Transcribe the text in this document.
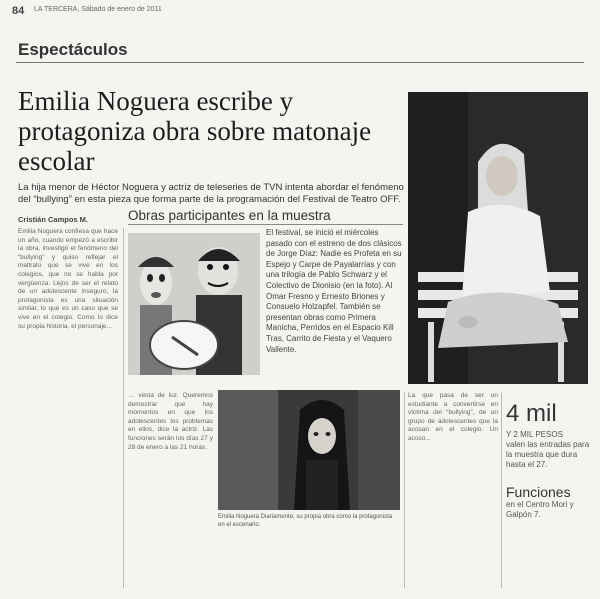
84 LA TERCERA, Sábado de enero de 2011
Espectáculos
Emilia Noguera escribe y protagoniza obra sobre matonaje escolar
La hija menor de Héctor Noguera y actriz de teleseries de TVN intenta abordar el fenómeno del “bullying” en esta pieza que forma parte de la programación del Festival de Teatro OFF.
Cristián Campos M.
Emilia Noguera confiesa que hace un año, cuando empezó a escribir la obra, investigó el fenómeno del “bullying” y quiso reflejar el maltrato que se vive en los colegios, que no se habla por vergüenza. Lejos de ser el relato de un adolescente inseguro, la protagonista es una situación similar, lo que es un caso que se vive en el colegio. Como lo dice su propia historia, el personaje...
Obras participantes en la muestra
El festival, se inició el miércoles pasado con el estreno de dos clásicos de Jorge Díaz: Nadie es Profeta en su Espejo y Carpe de Payalarrías y con una trilogía de Pablo Schwarz y el Colectivo de Dionisio (en la foto). Al Omar Fresno y Ernesto Briones y Consuelo Holzapfel. También se presentan obras como Primera Manicha, Perridos en el Espacio Kill Tras, Carrito de Fiesta y el Vaquero Vallente.
… vesta de luz. Queremos demostrar que hay momentos en que los adolescentes los problemas en ellos, dice la actriz. Las funciones serán los días 27 y 28 de enero a las 21 horas.
Emilia Noguera Diariamente, su propia obra como la protagonista en el escenario.
La que pasa de ser un estudiante a convertirse en víctima del “bullying”, de un grupo de adolescentes que la acosan en el colegio. Un acoso...
4 mil
Y 2 MIL PESOS
valen las entradas para la muestra que dura hasta el 27.
Funciones
en el Centro Mori y Galpón 7.
